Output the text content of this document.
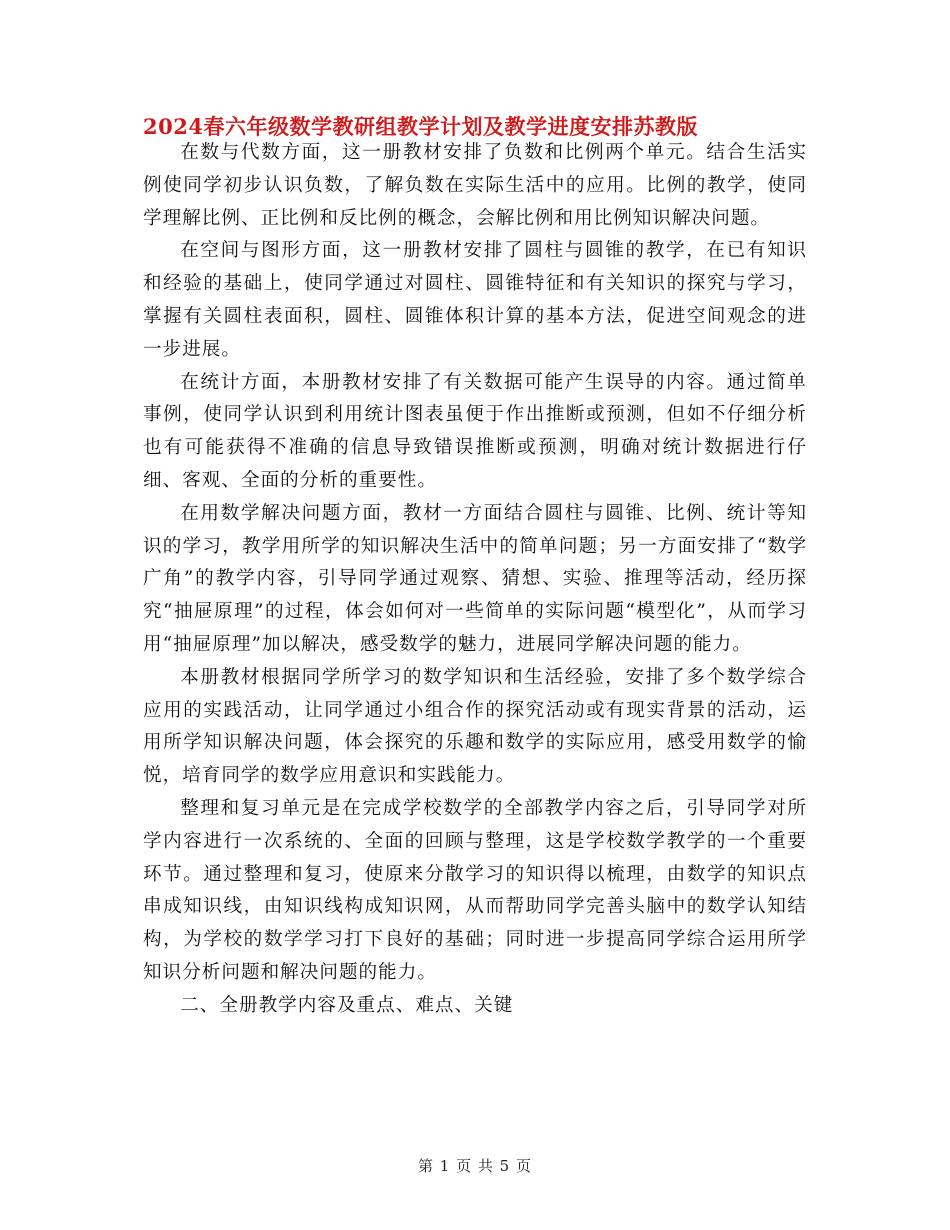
2024春六年级数学教研组教学计划及教学进度安排苏教版

在数与代数方面，这一册教材安排了负数和比例两个单元。结合生活实例使同学初步认识负数，了解负数在实际生活中的应用。比例的教学，使同学理解比例、正比例和反比例的概念，会解比例和用比例知识解决问题。

在空间与图形方面，这一册教材安排了圆柱与圆锥的教学，在已有知识和经验的基础上，使同学通过对圆柱、圆锥特征和有关知识的探究与学习，掌握有关圆柱表面积，圆柱、圆锥体积计算的基本方法，促进空间观念的进一步进展。

在统计方面，本册教材安排了有关数据可能产生误导的内容。通过简单事例，使同学认识到利用统计图表虽便于作出推断或预测，但如不仔细分析也有可能获得不准确的信息导致错误推断或预测，明确对统计数据进行仔细、客观、全面的分析的重要性。

在用数学解决问题方面，教材一方面结合圆柱与圆锥、比例、统计等知识的学习，教学用所学的知识解决生活中的简单问题；另一方面安排了“数学广角”的教学内容，引导同学通过观察、猜想、实验、推理等活动，经历探究“抽屉原理”的过程，体会如何对一些简单的实际问题“模型化”，从而学习用“抽屉原理”加以解决，感受数学的魅力，进展同学解决问题的能力。

本册教材根据同学所学习的数学知识和生活经验，安排了多个数学综合应用的实践活动，让同学通过小组合作的探究活动或有现实背景的活动，运用所学知识解决问题，体会探究的乐趣和数学的实际应用，感受用数学的愉悦，培育同学的数学应用意识和实践能力。

整理和复习单元是在完成学校数学的全部教学内容之后，引导同学对所学内容进行一次系统的、全面的回顾与整理，这是学校数学教学的一个重要环节。通过整理和复习，使原来分散学习的知识得以梳理，由数学的知识点串成知识线，由知识线构成知识网，从而帮助同学完善头脑中的数学认知结构，为学校的数学学习打下良好的基础；同时进一步提高同学综合运用所学知识分析问题和解决问题的能力。

二、全册教学内容及重点、难点、关键

第 1 页 共 5 页
